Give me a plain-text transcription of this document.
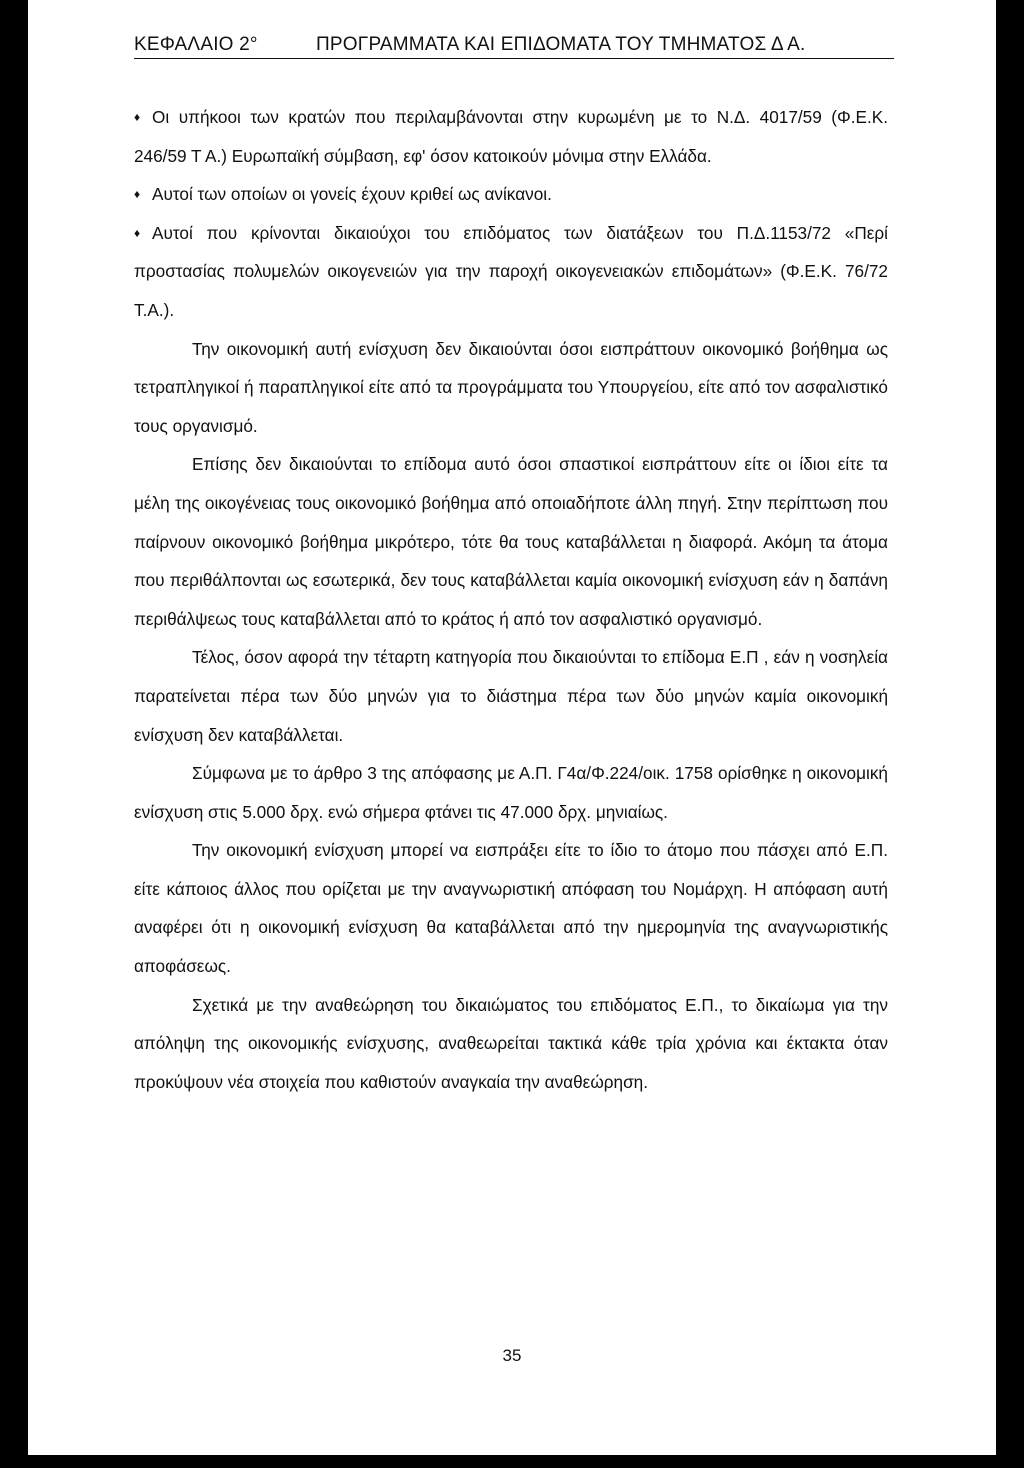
ΚΕΦΑΛΑΙΟ 2°	ΠΡΟΓΡΑΜΜΑΤΑ ΚΑΙ ΕΠΙΔΟΜΑΤΑ ΤΟΥ ΤΜΗΜΑΤΟΣ Δ Α.

♦ Οι υπήκοοι των κρατών που περιλαμβάνονται στην κυρωμένη με το Ν.Δ. 4017/59 (Φ.Ε.Κ. 246/59 Τ Α.) Ευρωπαϊκή σύμβαση, εφ' όσον κατοικούν μόνιμα στην Ελλάδα.

♦ Αυτοί των οποίων οι γονείς έχουν κριθεί ως ανίκανοι.

♦ Αυτοί που κρίνονται δικαιούχοι του επιδόματος των διατάξεων του Π.Δ.1153/72 «Περί προστασίας πολυμελών οικογενειών για την παροχή οικογενειακών επιδομάτων» (Φ.Ε.Κ. 76/72 Τ.Α.).

Την οικονομική αυτή ενίσχυση δεν δικαιούνται όσοι εισπράττουν οικονομικό βοήθημα ως τετραπληγικοί ή παραπληγικοί είτε από τα προγράμματα του Υπουργείου, είτε από τον ασφαλιστικό τους οργανισμό.

Επίσης δεν δικαιούνται το επίδομα αυτό όσοι σπαστικοί εισπράττουν είτε οι ίδιοι είτε τα μέλη της οικογένειας τους οικονομικό βοήθημα από οποιαδήποτε άλλη πηγή. Στην περίπτωση που παίρνουν οικονομικό βοήθημα μικρότερο, τότε θα τους καταβάλλεται η διαφορά. Ακόμη τα άτομα που περιθάλπονται ως εσωτερικά, δεν τους καταβάλλεται καμία οικονομική ενίσχυση εάν η δαπάνη περιθάλψεως τους καταβάλλεται από το κράτος ή από τον ασφαλιστικό οργανισμό.

Τέλος, όσον αφορά την τέταρτη κατηγορία που δικαιούνται το επίδομα Ε.Π , εάν η νοσηλεία παρατείνεται πέρα των δύο μηνών για το διάστημα πέρα των δύο μηνών καμία οικονομική ενίσχυση δεν καταβάλλεται.

Σύμφωνα με το άρθρο 3 της απόφασης με Α.Π. Γ4α/Φ.224/οικ. 1758 ορίσθηκε η οικονομική ενίσχυση στις 5.000 δρχ. ενώ σήμερα φτάνει τις 47.000 δρχ. μηνιαίως.

Την οικονομική ενίσχυση μπορεί να εισπράξει είτε το ίδιο το άτομο που πάσχει από Ε.Π. είτε κάποιος άλλος που ορίζεται με την αναγνωριστική απόφαση του Νομάρχη. Η απόφαση αυτή αναφέρει ότι η οικονομική ενίσχυση θα καταβάλλεται από την ημερομηνία της αναγνωριστικής αποφάσεως.

Σχετικά με την αναθεώρηση του δικαιώματος του επιδόματος Ε.Π., το δικαίωμα για την απόληψη της οικονομικής ενίσχυσης, αναθεωρείται τακτικά κάθε τρία χρόνια και έκτακτα όταν προκύψουν νέα στοιχεία που καθιστούν αναγκαία την αναθεώρηση.

35
